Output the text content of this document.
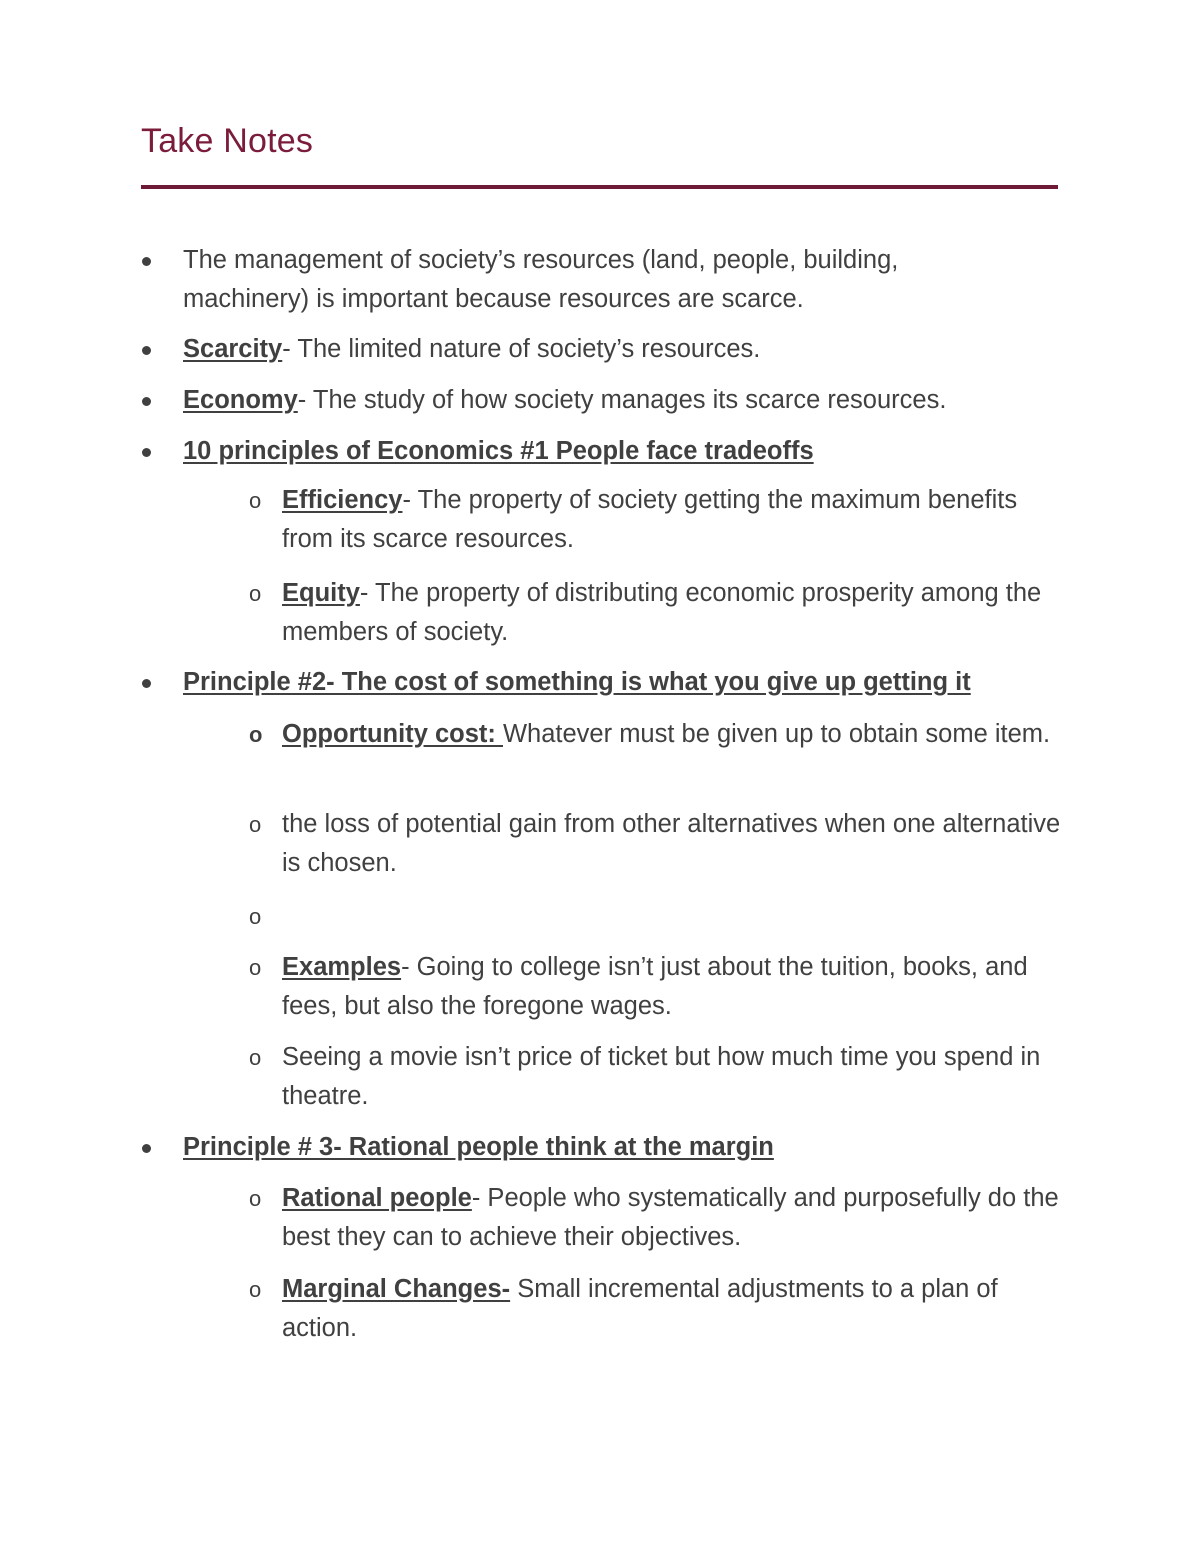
Take Notes
The management of society’s resources (land, people, building, machinery) is important because resources are scarce.
Scarcity- The limited nature of society’s resources.
Economy- The study of how society manages its scarce resources.
10 principles of Economics #1 People face tradeoffs
o Efficiency- The property of society getting the maximum benefits from its scarce resources.
o Equity- The property of distributing economic prosperity among the members of society.
Principle #2- The cost of something is what you give up getting it
o Opportunity cost: Whatever must be given up to obtain some item.
o the loss of potential gain from other alternatives when one alternative is chosen.
o
o Examples- Going to college isn’t just about the tuition, books, and fees, but also the foregone wages.
o Seeing a movie isn’t price of ticket but how much time you spend in theatre.
Principle # 3- Rational people think at the margin
o Rational people- People who systematically and purposefully do the best they can to achieve their objectives.
o Marginal Changes- Small incremental adjustments to a plan of action.
